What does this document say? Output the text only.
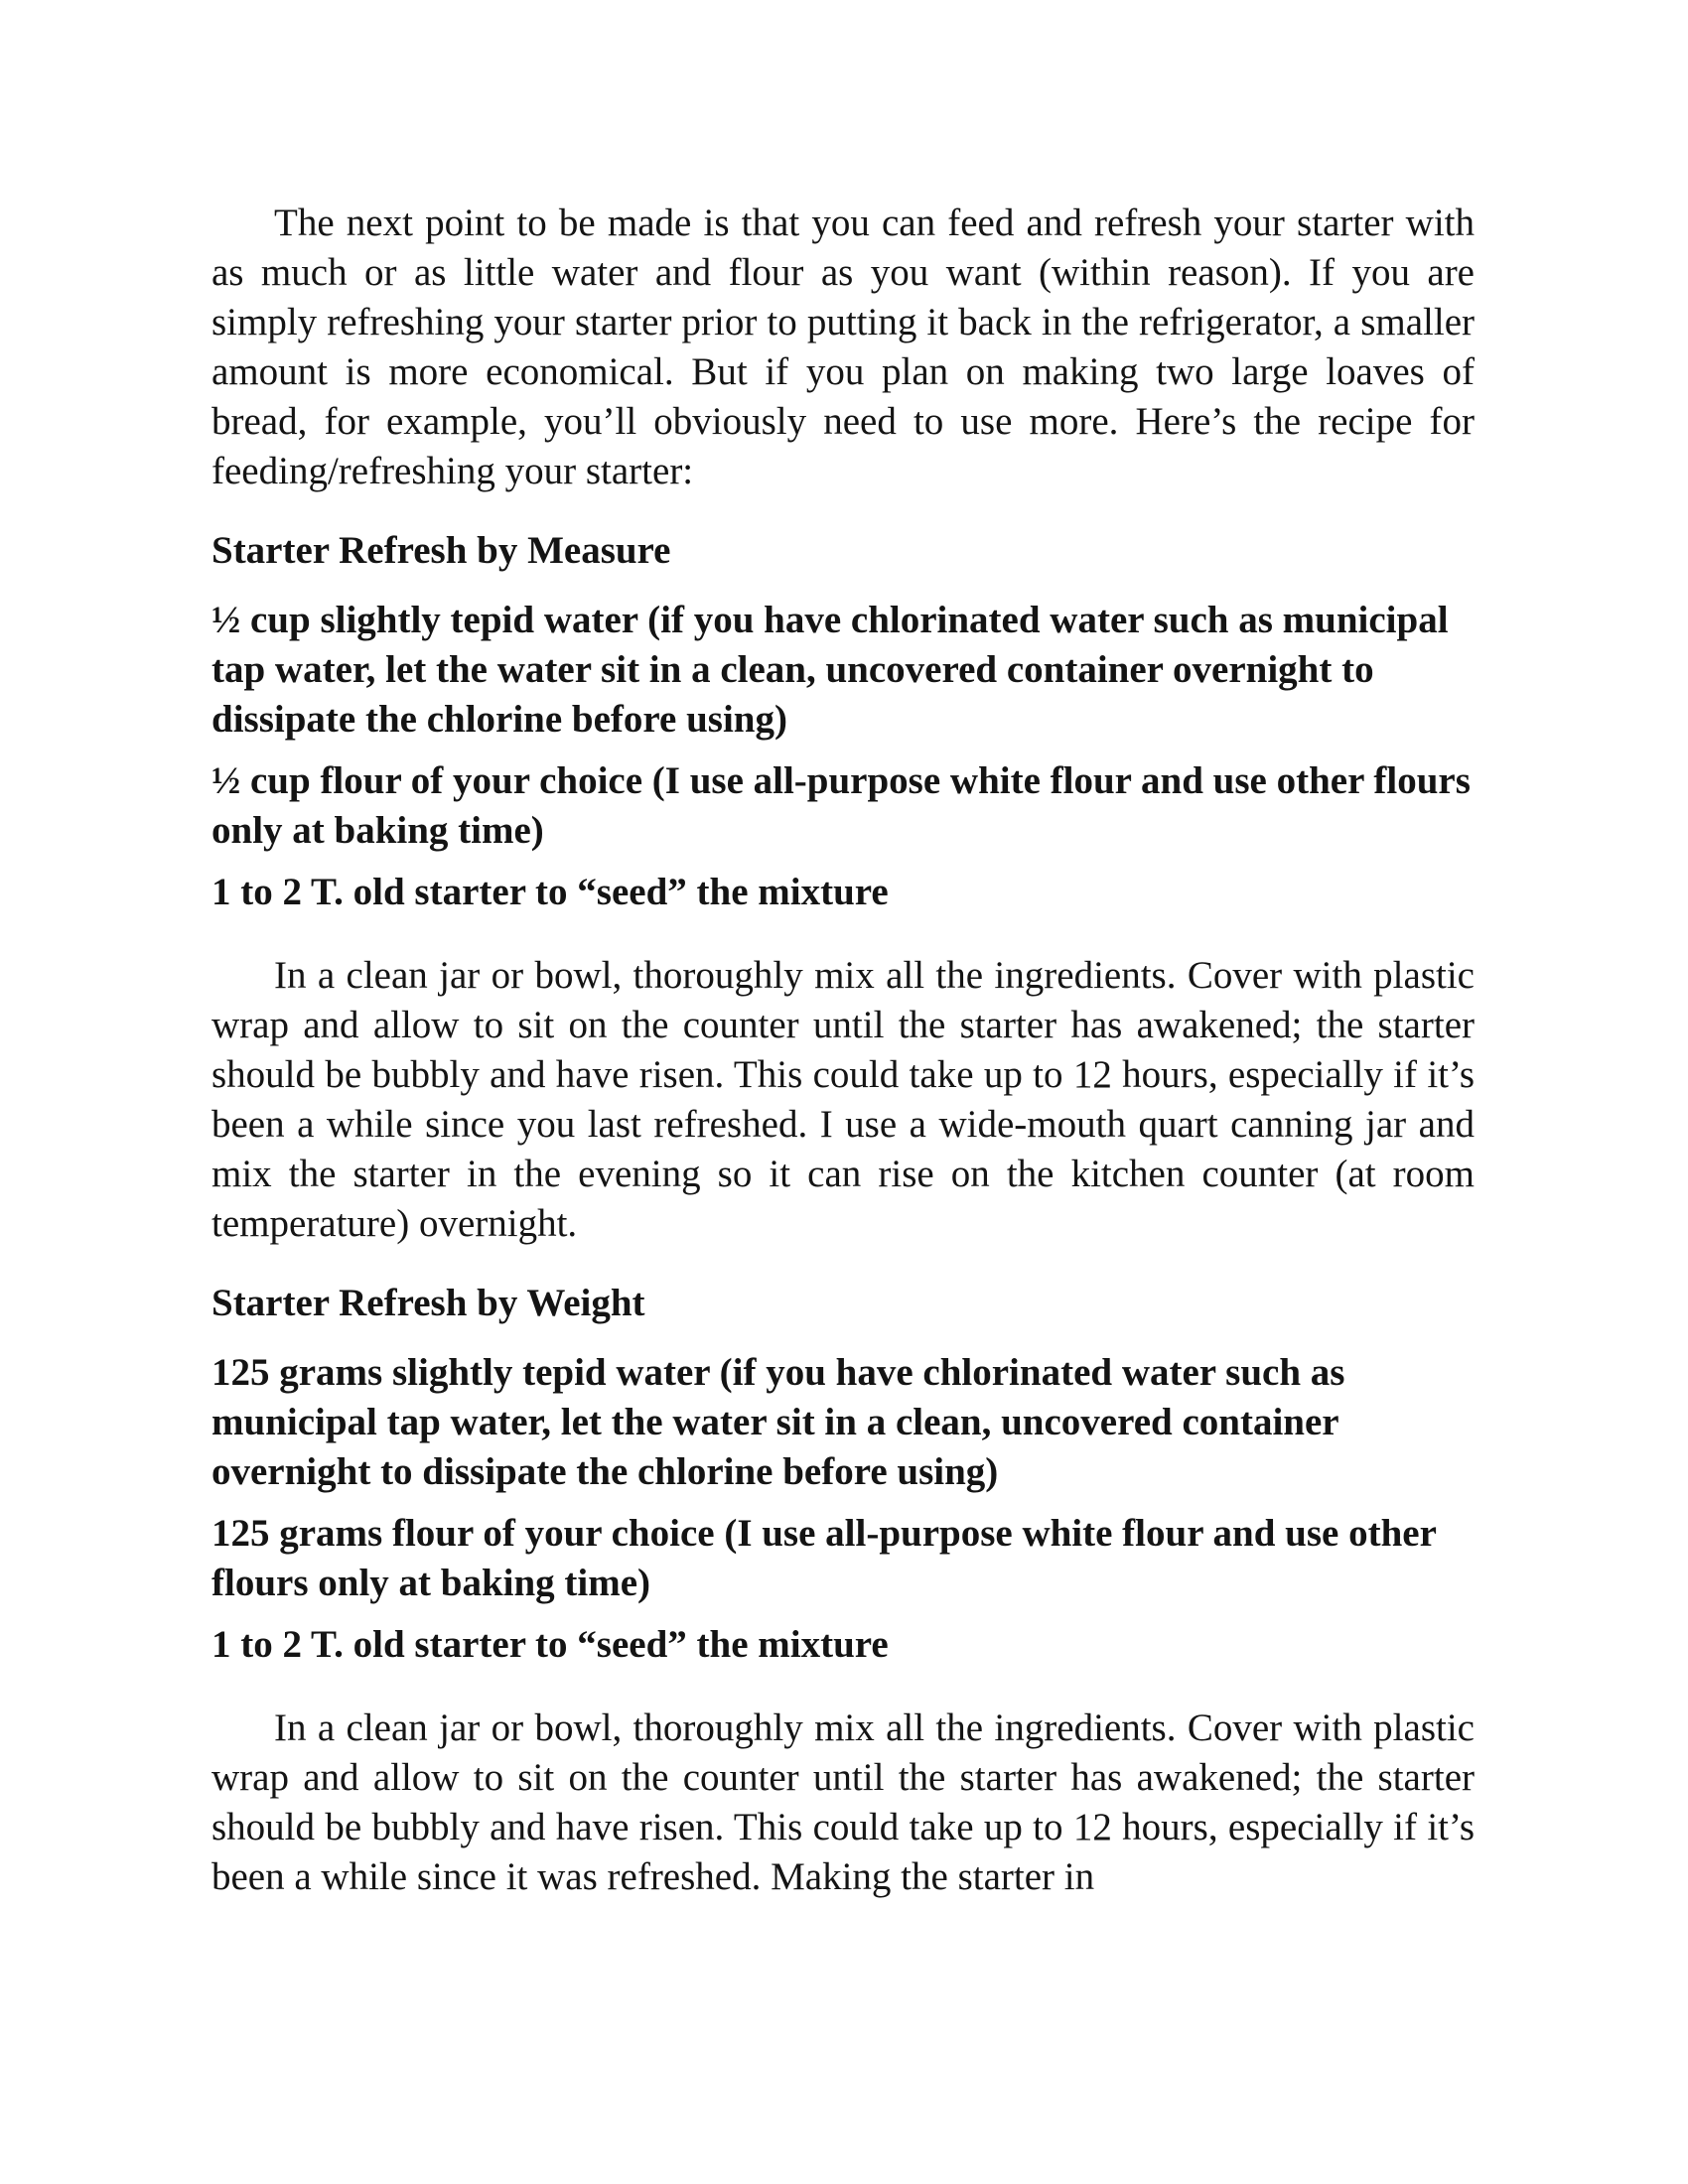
The next point to be made is that you can feed and refresh your starter with as much or as little water and flour as you want (within reason). If you are simply refreshing your starter prior to putting it back in the refrigerator, a smaller amount is more economical. But if you plan on making two large loaves of bread, for example, you’ll obviously need to use more. Here’s the recipe for feeding/refreshing your starter:

Starter Refresh by Measure

½ cup slightly tepid water (if you have chlorinated water such as municipal tap water, let the water sit in a clean, uncovered container overnight to dissipate the chlorine before using)

½ cup flour of your choice (I use all-purpose white flour and use other flours only at baking time)

1 to 2 T. old starter to “seed” the mixture

In a clean jar or bowl, thoroughly mix all the ingredients. Cover with plastic wrap and allow to sit on the counter until the starter has awakened; the starter should be bubbly and have risen. This could take up to 12 hours, especially if it’s been a while since you last refreshed. I use a wide-mouth quart canning jar and mix the starter in the evening so it can rise on the kitchen counter (at room temperature) overnight.

Starter Refresh by Weight

125 grams slightly tepid water (if you have chlorinated water such as municipal tap water, let the water sit in a clean, uncovered container overnight to dissipate the chlorine before using)

125 grams flour of your choice (I use all-purpose white flour and use other flours only at baking time)

1 to 2 T. old starter to “seed” the mixture

In a clean jar or bowl, thoroughly mix all the ingredients. Cover with plastic wrap and allow to sit on the counter until the starter has awakened; the starter should be bubbly and have risen. This could take up to 12 hours, especially if it’s been a while since it was refreshed. Making the starter in
